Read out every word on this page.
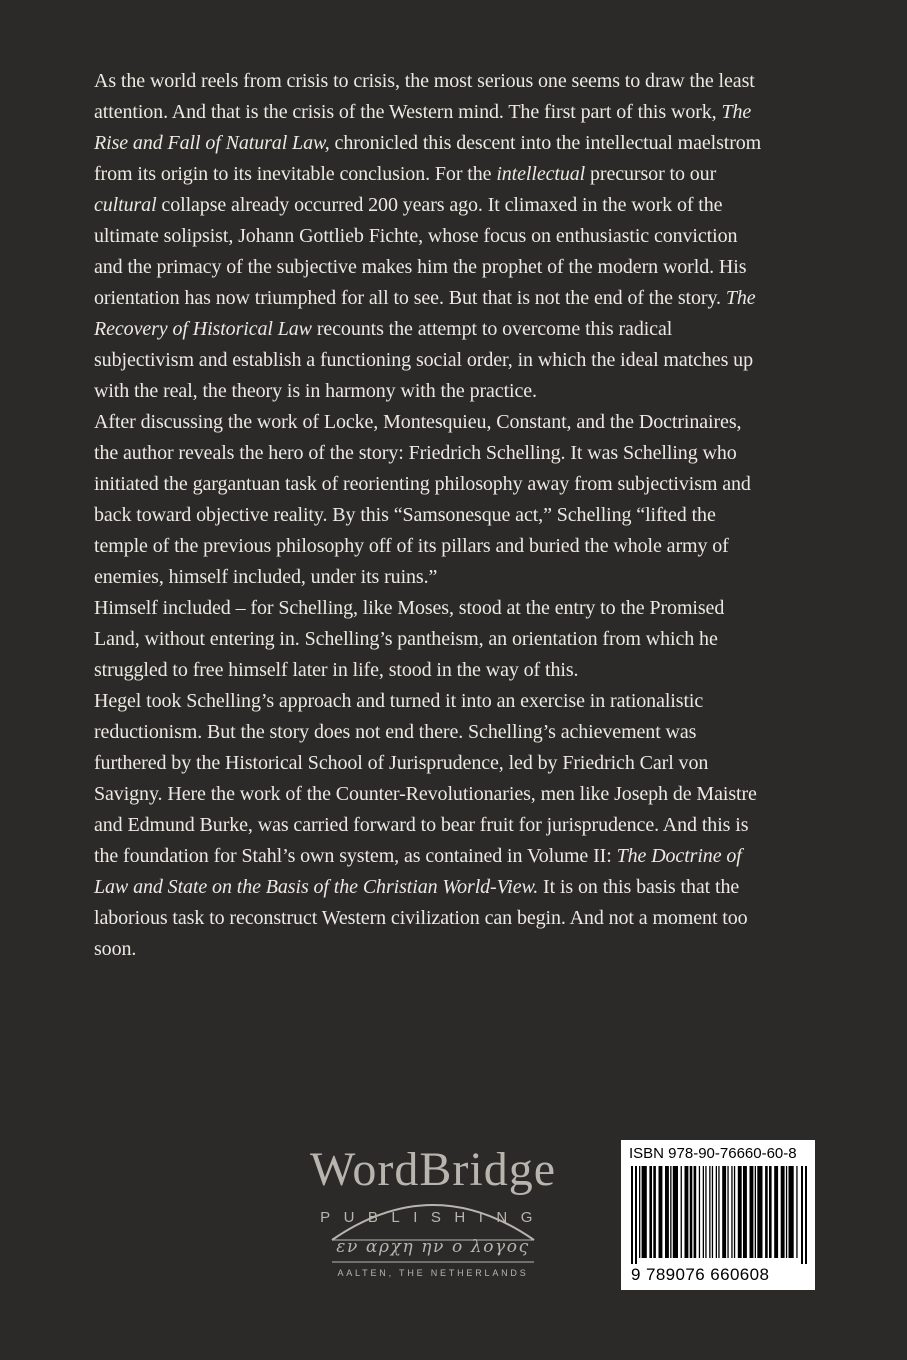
As the world reels from crisis to crisis, the most serious one seems to draw the least attention. And that is the crisis of the Western mind. The first part of this work, The Rise and Fall of Natural Law, chronicled this descent into the intellectual maelstrom from its origin to its inevitable conclusion. For the intellectual precursor to our cultural collapse already occurred 200 years ago. It climaxed in the work of the ultimate solipsist, Johann Gottlieb Fichte, whose focus on enthusiastic conviction and the primacy of the subjective makes him the prophet of the modern world. His orientation has now triumphed for all to see. But that is not the end of the story. The Recovery of Historical Law recounts the attempt to overcome this radical subjectivism and establish a functioning social order, in which the ideal matches up with the real, the theory is in harmony with the practice.

After discussing the work of Locke, Montesquieu, Constant, and the Doctrinaires, the author reveals the hero of the story: Friedrich Schelling. It was Schelling who initiated the gargantuan task of reorienting philosophy away from subjectivism and back toward objective reality. By this “Samsonesque act,” Schelling “lifted the temple of the previous philosophy off of its pillars and buried the whole army of enemies, himself included, under its ruins.”

Himself included – for Schelling, like Moses, stood at the entry to the Promised Land, without entering in. Schelling’s pantheism, an orientation from which he struggled to free himself later in life, stood in the way of this.

Hegel took Schelling’s approach and turned it into an exercise in rationalistic reductionism. But the story does not end there. Schelling’s achievement was furthered by the Historical School of Jurisprudence, led by Friedrich Carl von Savigny. Here the work of the Counter-Revolutionaries, men like Joseph de Maistre and Edmund Burke, was carried forward to bear fruit for jurisprudence. And this is the foundation for Stahl’s own system, as contained in Volume II: The Doctrine of Law and State on the Basis of the Christian World-View. It is on this basis that the laborious task to reconstruct Western civilization can begin. And not a moment too soon.

WordBridge
PUBLISHING
εν αρχη ην ο λογος
AALTEN, THE NETHERLANDS
ISBN 978-90-76660-60-8
9 789076 660608
